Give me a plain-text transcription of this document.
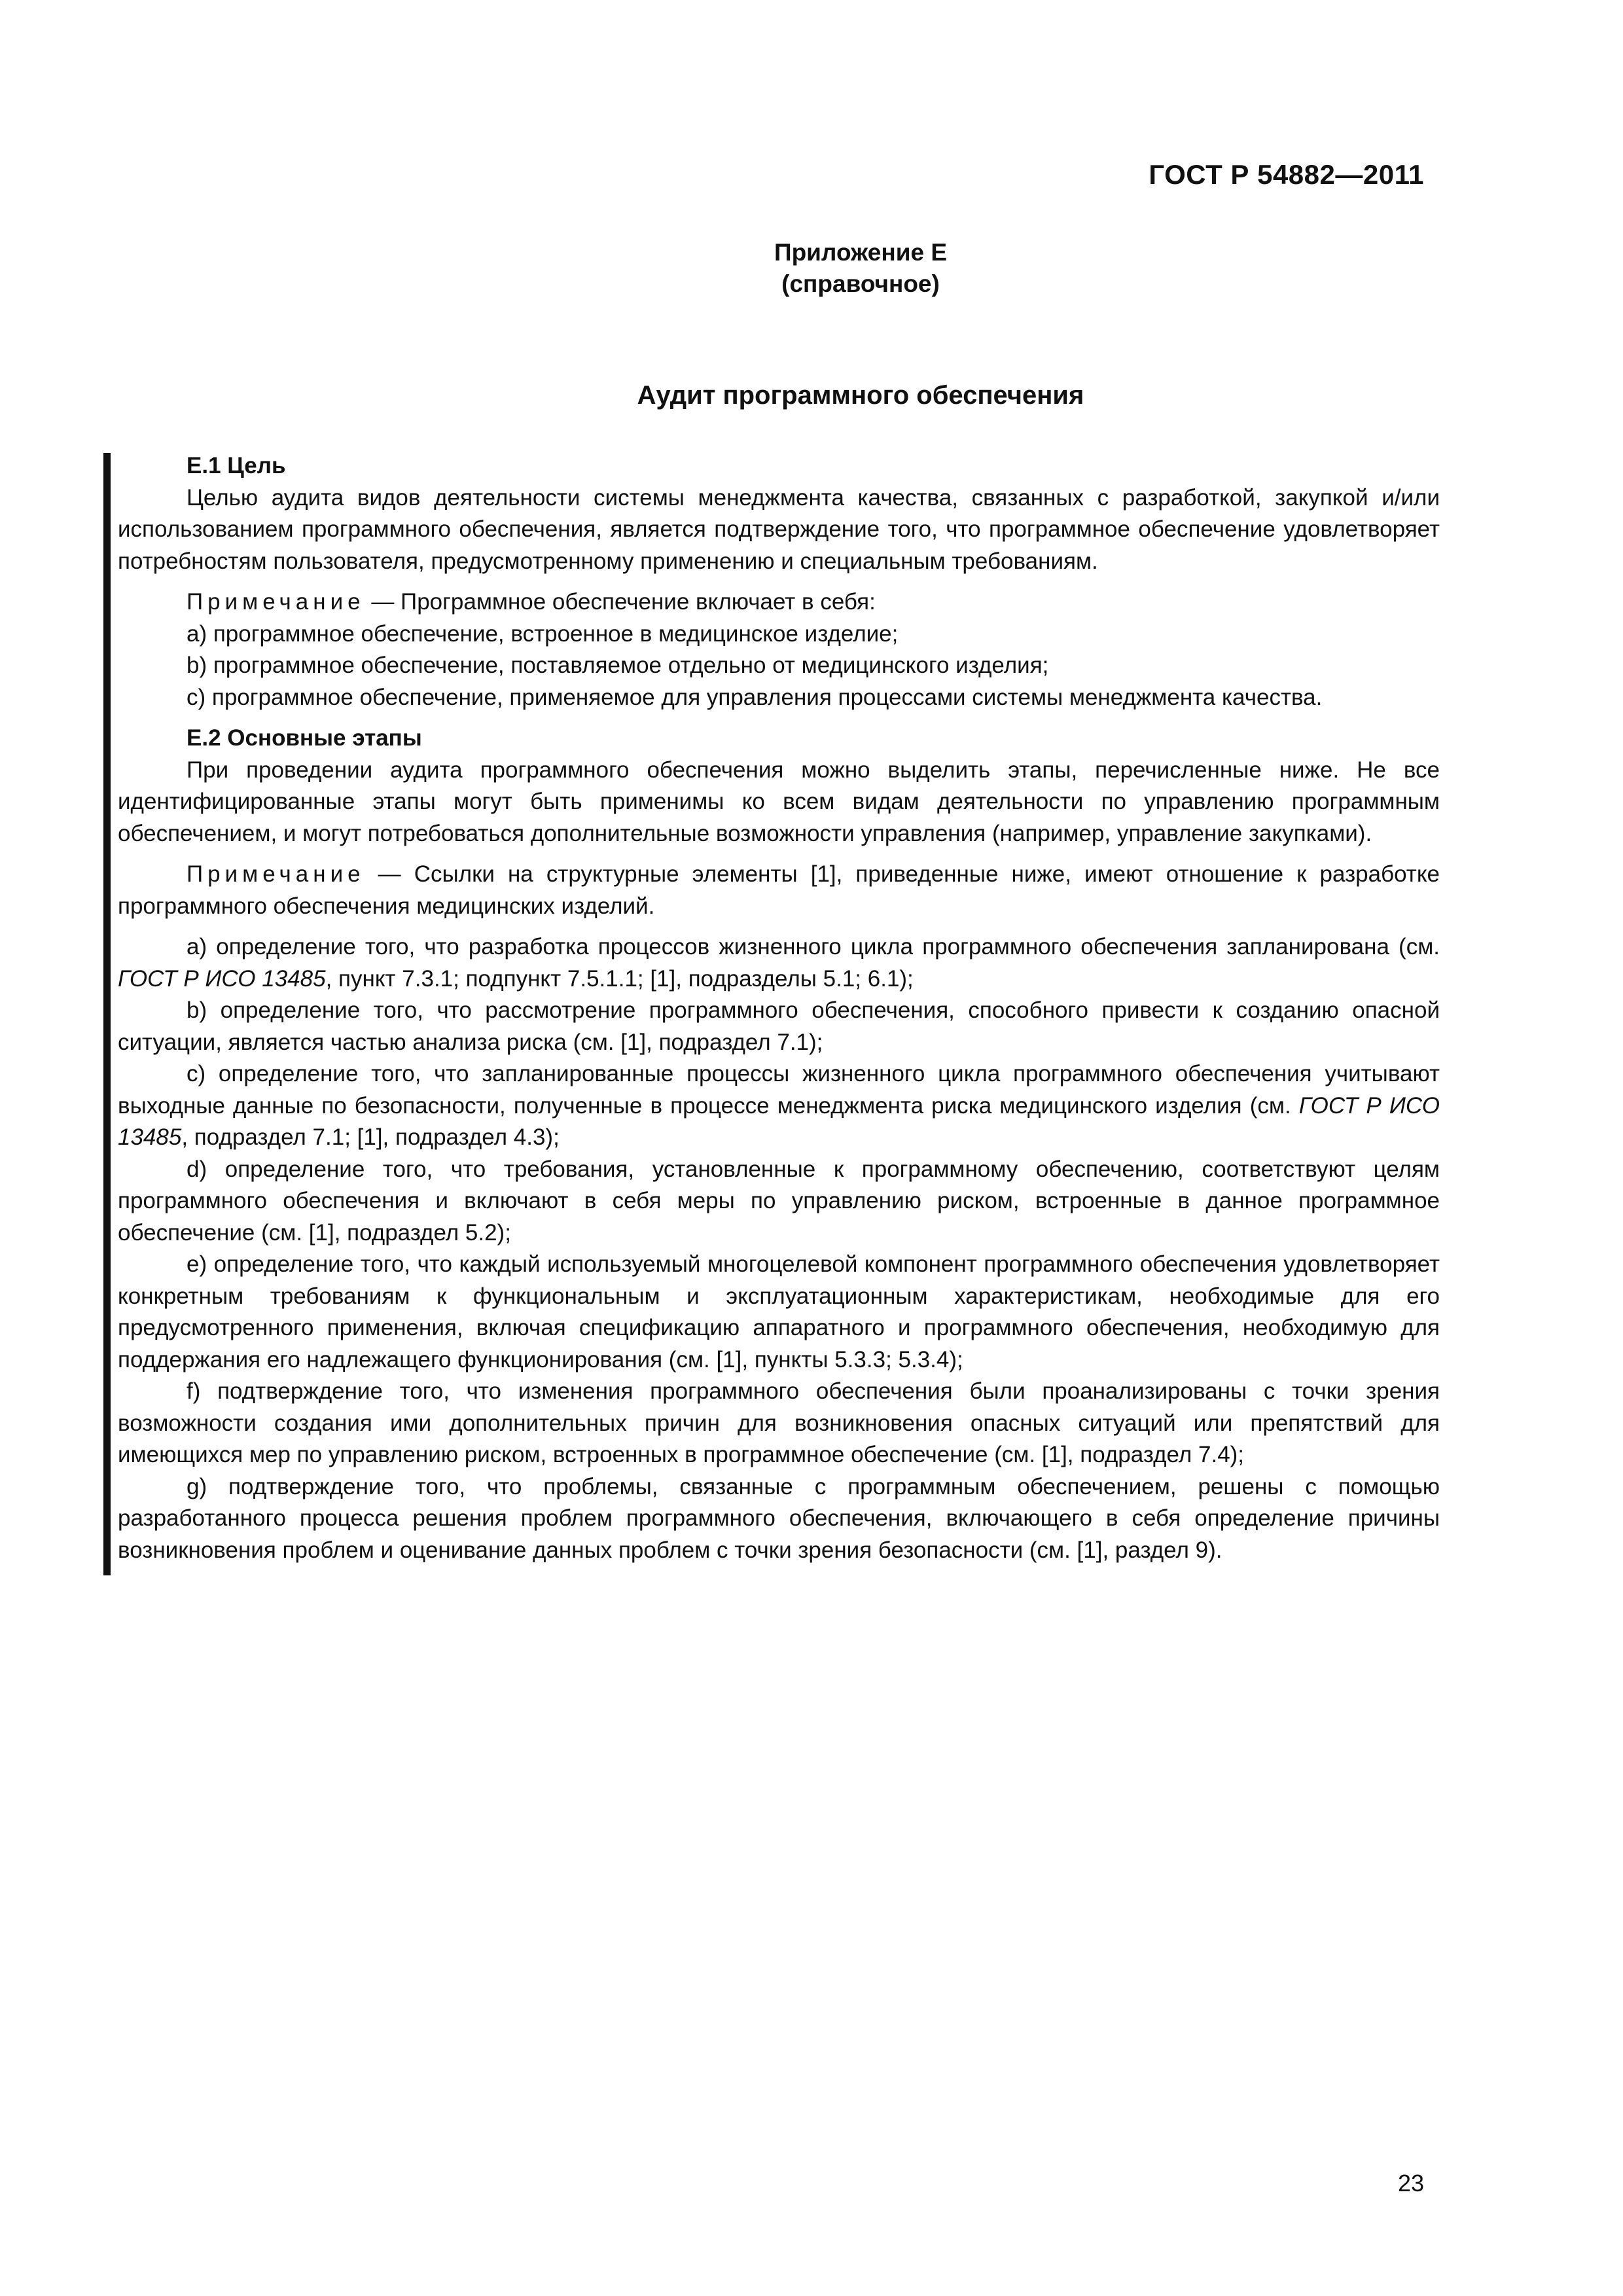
ГОСТ Р 54882—2011
Приложение Е
(справочное)
Аудит программного обеспечения
Е.1 Цель

Целью аудита видов деятельности системы менеджмента качества, связанных с разработкой, закупкой и/или использованием программного обеспечения, является подтверждение того, что программное обеспечение удовлетворяет потребностям пользователя, предусмотренному применению и специальным требованиям.

Примечание — Программное обеспечение включает в себя:

a) программное обеспечение, встроенное в медицинское изделие;

b) программное обеспечение, поставляемое отдельно от медицинского изделия;

c) программное обеспечение, применяемое для управления процессами системы менеджмента качества.

Е.2 Основные этапы

При проведении аудита программного обеспечения можно выделить этапы, перечисленные ниже. Не все идентифицированные этапы могут быть применимы ко всем видам деятельности по управлению программным обеспечением, и могут потребоваться дополнительные возможности управления (например, управление закупками).

Примечание — Ссылки на структурные элементы [1], приведенные ниже, имеют отношение к разработке программного обеспечения медицинских изделий.

a) определение того, что разработка процессов жизненного цикла программного обеспечения запланирована (см. ГОСТ Р ИСО 13485, пункт 7.3.1; подпункт 7.5.1.1; [1], подразделы 5.1; 6.1);

b) определение того, что рассмотрение программного обеспечения, способного привести к созданию опасной ситуации, является частью анализа риска (см. [1], подраздел 7.1);

c) определение того, что запланированные процессы жизненного цикла программного обеспечения учитывают выходные данные по безопасности, полученные в процессе менеджмента риска медицинского изделия (см. ГОСТ Р ИСО 13485, подраздел 7.1; [1], подраздел 4.3);

d) определение того, что требования, установленные к программному обеспечению, соответствуют целям программного обеспечения и включают в себя меры по управлению риском, встроенные в данное программное обеспечение (см. [1], подраздел 5.2);

e) определение того, что каждый используемый многоцелевой компонент программного обеспечения удовлетворяет конкретным требованиям к функциональным и эксплуатационным характеристикам, необходимые для его предусмотренного применения, включая спецификацию аппаратного и программного обеспечения, необходимую для поддержания его надлежащего функционирования (см. [1], пункты 5.3.3; 5.3.4);

f) подтверждение того, что изменения программного обеспечения были проанализированы с точки зрения возможности создания ими дополнительных причин для возникновения опасных ситуаций или препятствий для имеющихся мер по управлению риском, встроенных в программное обеспечение (см. [1], подраздел 7.4);

g) подтверждение того, что проблемы, связанные с программным обеспечением, решены с помощью разработанного процесса решения проблем программного обеспечения, включающего в себя определение причины возникновения проблем и оценивание данных проблем с точки зрения безопасности (см. [1], раздел 9).

23
